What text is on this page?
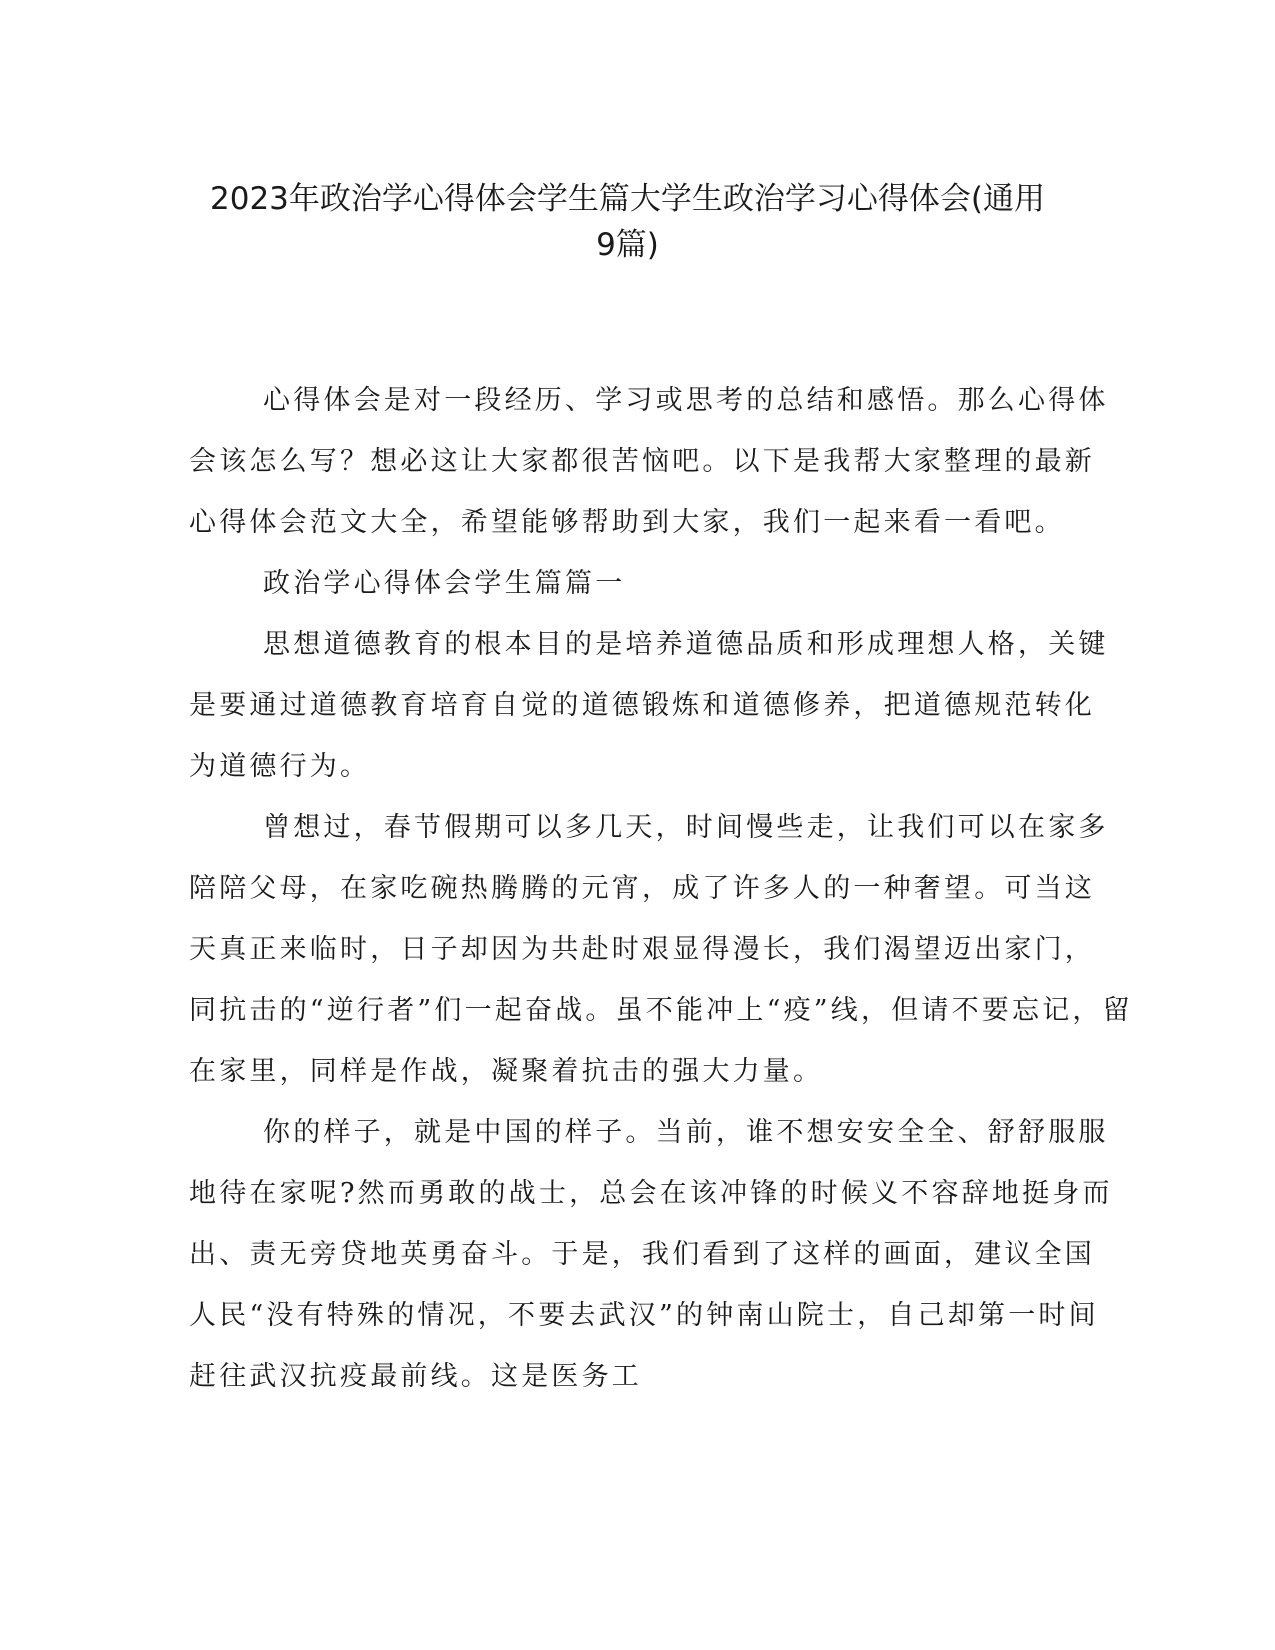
2023年政治学心得体会学生篇大学生政治学习心得体会(通用
9篇)

心得体会是对一段经历、学习或思考的总结和感悟。那么心得体
会该怎么写？想必这让大家都很苦恼吧。以下是我帮大家整理的最新
心得体会范文大全，希望能够帮助到大家，我们一起来看一看吧。

政治学心得体会学生篇篇一

思想道德教育的根本目的是培养道德品质和形成理想人格，关键
是要通过道德教育培育自觉的道德锻炼和道德修养，把道德规范转化
为道德行为。

曾想过，春节假期可以多几天，时间慢些走，让我们可以在家多
陪陪父母，在家吃碗热腾腾的元宵，成了许多人的一种奢望。可当这
天真正来临时，日子却因为共赴时艰显得漫长，我们渴望迈出家门，
同抗击的“逆行者”们一起奋战。虽不能冲上“疫”线，但请不要忘记，留
在家里，同样是作战，凝聚着抗击的强大力量。

你的样子，就是中国的样子。当前，谁不想安安全全、舒舒服服
地待在家呢?然而勇敢的战士，总会在该冲锋的时候义不容辞地挺身而
出、责无旁贷地英勇奋斗。于是，我们看到了这样的画面，建议全国
人民“没有特殊的情况，不要去武汉”的钟南山院士，自己却第一时间
赶往武汉抗疫最前线。这是医务工
